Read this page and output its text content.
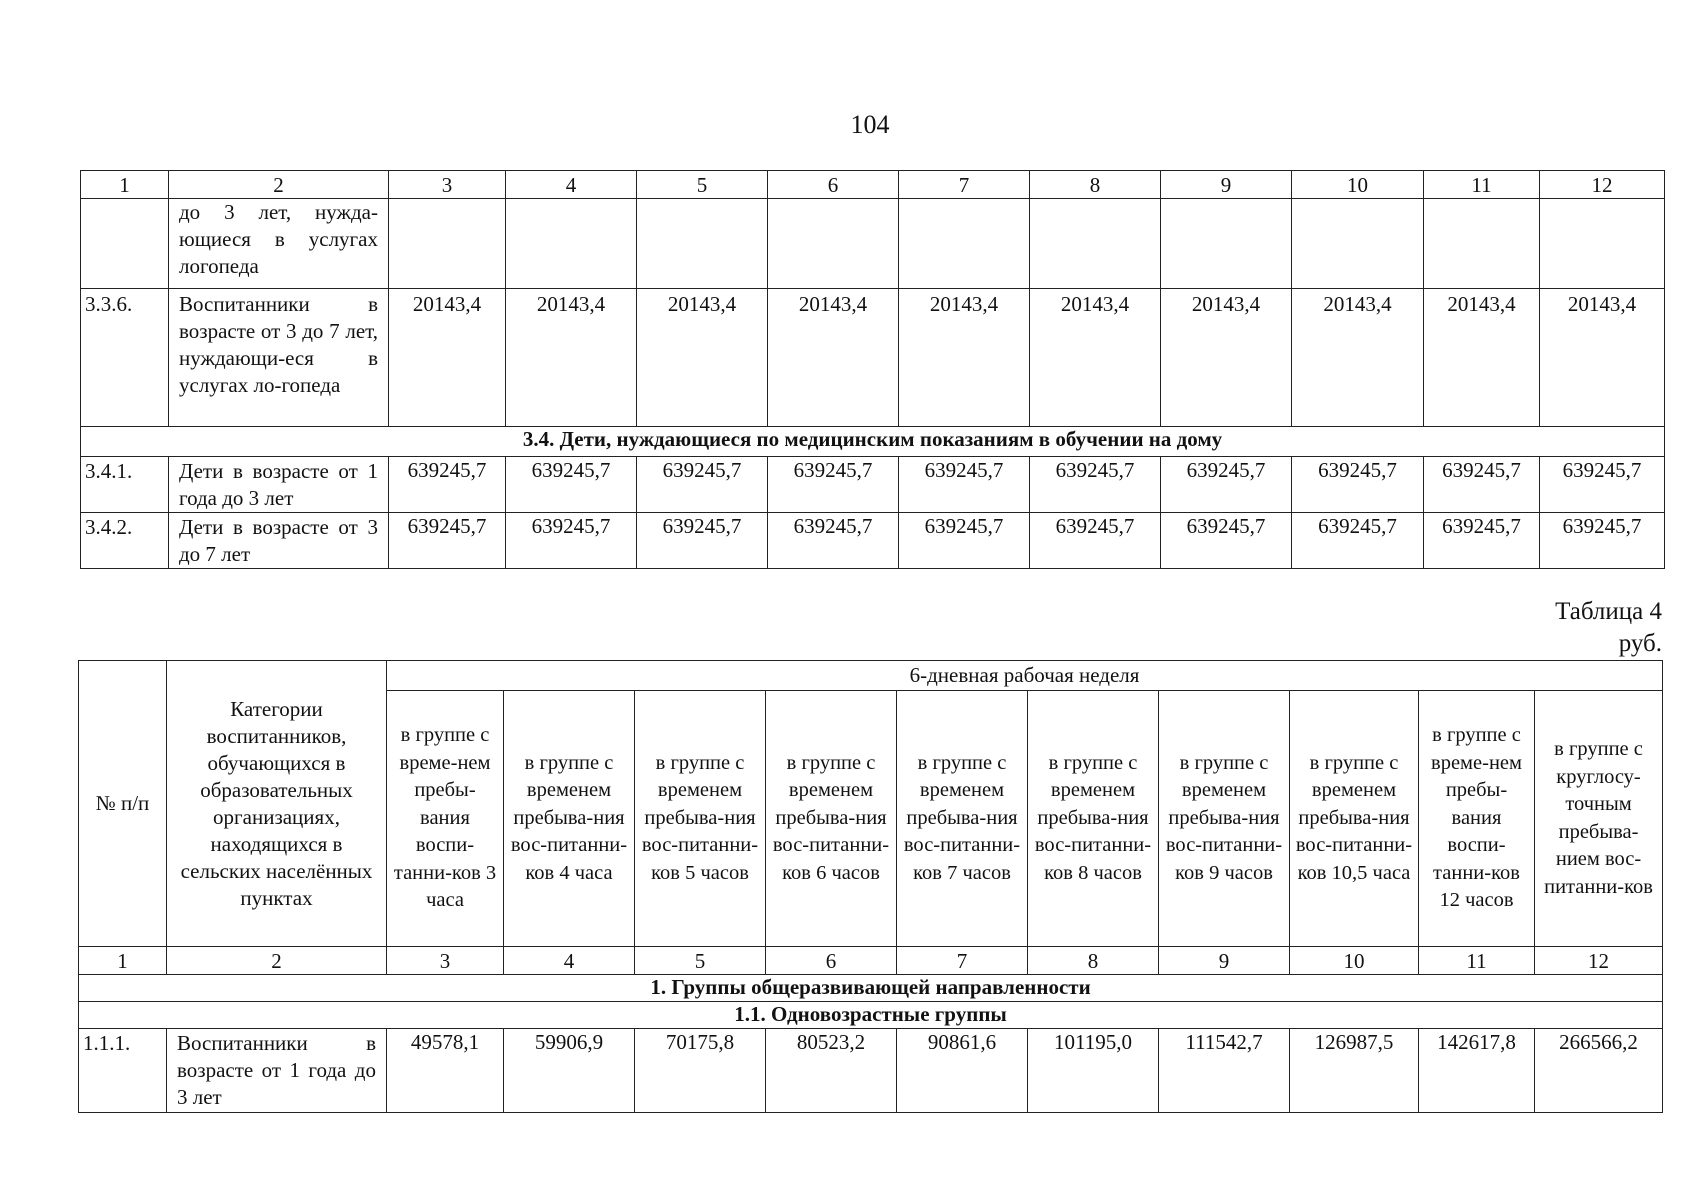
104
1	2	3	4	5	6	7	8	9	10	11	12
	до 3 лет, нужда-ющиеся в услугах логопеда										
3.3.6.	Воспитанники в возрасте от 3 до 7 лет, нуждающи-еся в услугах ло-гопеда	20143,4	20143,4	20143,4	20143,4	20143,4	20143,4	20143,4	20143,4	20143,4	20143,4
3.4. Дети, нуждающиеся по медицинским показаниям в обучении на дому											
3.4.1.	Дети в возрасте от 1 года до 3 лет	639245,7	639245,7	639245,7	639245,7	639245,7	639245,7	639245,7	639245,7	639245,7	639245,7
3.4.2.	Дети в возрасте от 3 до 7 лет	639245,7	639245,7	639245,7	639245,7	639245,7	639245,7	639245,7	639245,7	639245,7	639245,7
Таблица 4
руб.
№ п/п	Категории воспитанников, обучающихся в образовательных организациях, находящихся в сельских населённых пунктах	6-дневная рабочая неделя									
		в группе с време-нем пребы-вания воспи-танни-ков 3 часа	в группе с временем пребыва-ния вос-питанни-ков 4 часа	в группе с временем пребыва-ния вос-питанни-ков 5 часов	в группе с временем пребыва-ния вос-питанни-ков 6 часов	в группе с временем пребыва-ния вос-питанни-ков 7 часов	в группе с временем пребыва-ния вос-питанни-ков 8 часов	в группе с временем пребыва-ния вос-питанни-ков 9 часов	в группе с временем пребыва-ния вос-питанни-ков 10,5 часа	в группе с време-нем пребы-вания воспи-танни-ков 12 часов	в группе с круглосу-точным пребыва-нием вос-питанни-ков
1	2	3	4	5	6	7	8	9	10	11	12
1. Группы общеразвивающей направленности											
1.1. Одновозрастные группы											
1.1.1.	Воспитанники в возрасте от 1 года до 3 лет	49578,1	59906,9	70175,8	80523,2	90861,6	101195,0	111542,7	126987,5	142617,8	266566,2
